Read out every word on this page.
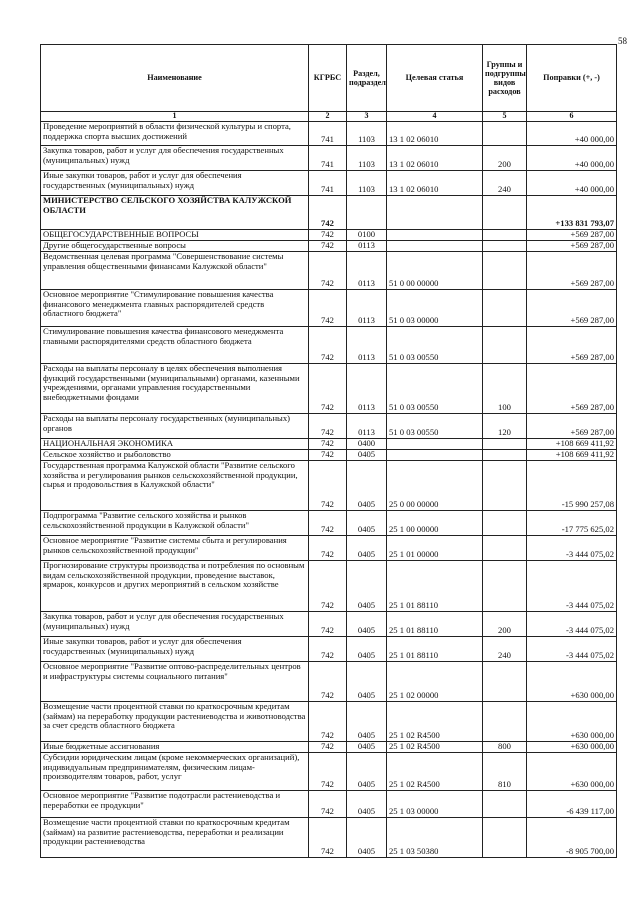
58
Наименование	КГРБС	Раздел, подраздел	Целевая статья	Группы и подгруппы видов расходов	Поправки (+, -)
1	2	3	4	5	6
Проведение мероприятий в области физической культуры и спорта, поддержка спорта высших достижений	741	1103	13 1 02 06010		+40 000,00
Закупка товаров, работ и услуг для обеспечения государственных (муниципальных) нужд	741	1103	13 1 02 06010	200	+40 000,00
Иные закупки товаров, работ и услуг для обеспечения государственных (муниципальных) нужд	741	1103	13 1 02 06010	240	+40 000,00
МИНИСТЕРСТВО СЕЛЬСКОГО ХОЗЯЙСТВА КАЛУЖСКОЙ ОБЛАСТИ	742				+133 831 793,07
ОБЩЕГОСУДАРСТВЕННЫЕ ВОПРОСЫ	742	0100			+569 287,00
Другие общегосударственные вопросы	742	0113			+569 287,00
Ведомственная целевая программа "Совершенствование системы управления общественными финансами Калужской области"	742	0113	51 0 00 00000		+569 287,00
Основное мероприятие "Стимулирование повышения качества финансового менеджмента главных распорядителей средств областного бюджета"	742	0113	51 0 03 00000		+569 287,00
Стимулирование повышения качества финансового менеджмента главными распорядителями средств областного бюджета	742	0113	51 0 03 00550		+569 287,00
Расходы на выплаты персоналу в целях обеспечения выполнения функций государственными (муниципальными) органами, казенными учреждениями, органами управления государственными внебюджетными фондами	742	0113	51 0 03 00550	100	+569 287,00
Расходы на выплаты персоналу государственных (муниципальных) органов	742	0113	51 0 03 00550	120	+569 287,00
НАЦИОНАЛЬНАЯ ЭКОНОМИКА	742	0400			+108 669 411,92
Сельское хозяйство и рыболовство	742	0405			+108 669 411,92
Государственная программа Калужской области "Развитие сельского хозяйства и регулирования рынков сельскохозяйственной продукции, сырья и продовольствия в Калужской области"	742	0405	25 0 00 00000		-15 990 257,08
Подпрограмма "Развитие сельского хозяйства и рынков сельскохозяйственной продукции в Калужской области"	742	0405	25 1 00 00000		-17 775 625,02
Основное мероприятие "Развитие системы сбыта и регулирования рынков сельскохозяйственной продукции"	742	0405	25 1 01 00000		-3 444 075,02
Прогнозирование структуры производства и потребления по основным видам сельскохозяйственной продукции, проведение выставок, ярмарок, конкурсов и других мероприятий в сельском хозяйстве	742	0405	25 1 01 88110		-3 444 075,02
Закупка товаров, работ и услуг для обеспечения государственных (муниципальных) нужд	742	0405	25 1 01 88110	200	-3 444 075,02
Иные закупки товаров, работ и услуг для обеспечения государственных (муниципальных) нужд	742	0405	25 1 01 88110	240	-3 444 075,02
Основное мероприятие "Развитие оптово-распределительных центров и инфраструктуры системы социального питания"	742	0405	25 1 02 00000		+630 000,00
Возмещение части процентной ставки по краткосрочным кредитам (займам) на переработку продукции растениеводства и животноводства за счет средств областного бюджета	742	0405	25 1 02 R4500		+630 000,00
Иные бюджетные ассигнования	742	0405	25 1 02 R4500	800	+630 000,00
Субсидии юридическим лицам (кроме некоммерческих организаций), индивидуальным предпринимателям, физическим лицам-производителям товаров, работ, услуг	742	0405	25 1 02 R4500	810	+630 000,00
Основное мероприятие "Развитие подотрасли растениеводства и переработки ее продукции"	742	0405	25 1 03 00000		-6 439 117,00
Возмещение части процентной ставки по краткосрочным кредитам (займам) на развитие растениеводства, переработки и реализации продукции растениеводства	742	0405	25 1 03 50380		-8 905 700,00
